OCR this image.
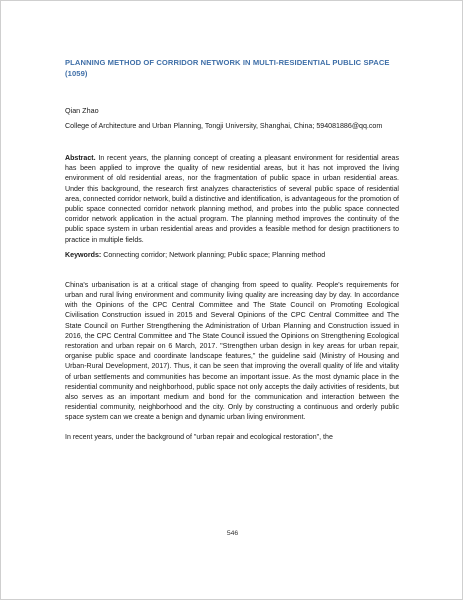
PLANNING METHOD OF CORRIDOR NETWORK IN MULTI-RESIDENTIAL PUBLIC SPACE (1059)
Qian Zhao
College of Architecture and Urban Planning, Tongji University, Shanghai, China; 594081886@qq.com

Abstract. In recent years, the planning concept of creating a pleasant environment for residential areas has been applied to improve the quality of new residential areas, but it has not improved the living environment of old residential areas, nor the fragmentation of public space in urban residential areas. Under this background, the research first analyzes characteristics of several public space of residential area, connected corridor network, build a distinctive and identification, is advantageous for the promotion of public space connected corridor network planning method, and probes into the public space connected corridor network application in the actual program. The planning method improves the continuity of the public space system in urban residential areas and provides a feasible method for design practitioners to practice in multiple fields.

Keywords: Connecting corridor; Network planning; Public space; Planning method

China's urbanisation is at a critical stage of changing from speed to quality. People's requirements for urban and rural living environment and community living quality are increasing day by day. In accordance with the Opinions of the CPC Central Committee and The State Council on Promoting Ecological Civilisation Construction issued in 2015 and Several Opinions of the CPC Central Committee and The State Council on Further Strengthening the Administration of Urban Planning and Construction issued in 2016, the CPC Central Committee and The State Council issued the Opinions on Strengthening Ecological restoration and urban repair on 6 March, 2017. "Strengthen urban design in key areas for urban repair, organise public space and coordinate landscape features," the guideline said (Ministry of Housing and Urban-Rural Development, 2017). Thus, it can be seen that improving the overall quality of life and vitality of urban settlements and communities has become an important issue. As the most dynamic place in the residential community and neighborhood, public space not only accepts the daily activities of residents, but also serves as an important medium and bond for the communication and interaction between the residential community, neighborhood and the city. Only by constructing a continuous and orderly public space system can we create a benign and dynamic urban living environment.

In recent years, under the background of "urban repair and ecological restoration", the

546
